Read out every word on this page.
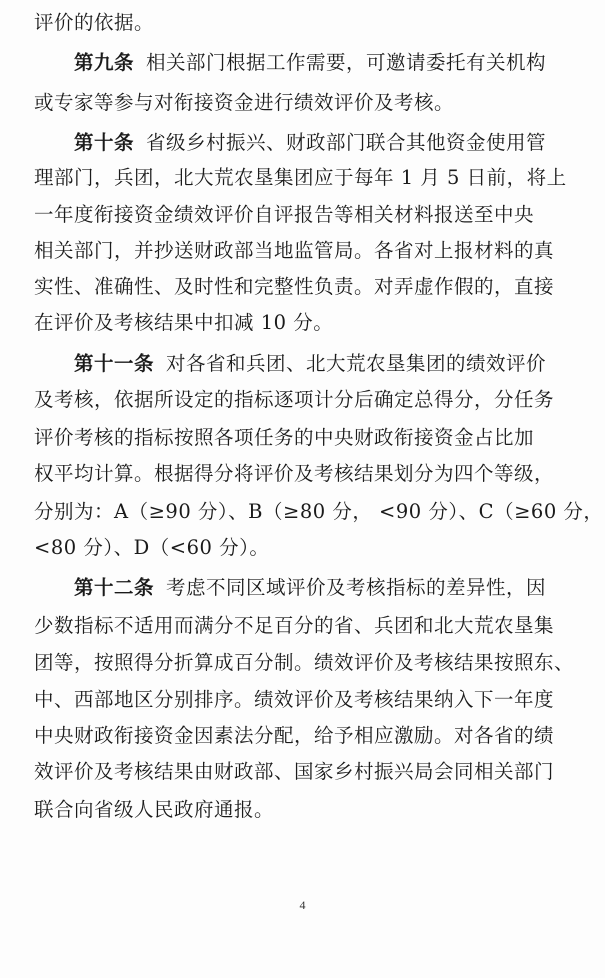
评价的依据。
第九条 相关部门根据工作需要，可邀请委托有关机构
或专家等参与对衔接资金进行绩效评价及考核。
第十条 省级乡村振兴、财政部门联合其他资金使用管
理部门，兵团，北大荒农垦集团应于每年 1 月 5 日前，将上
一年度衔接资金绩效评价自评报告等相关材料报送至中央
相关部门，并抄送财政部当地监管局。各省对上报材料的真
实性、准确性、及时性和完整性负责。对弄虚作假的，直接
在评价及考核结果中扣减 10 分。
第十一条 对各省和兵团、北大荒农垦集团的绩效评价
及考核，依据所设定的指标逐项计分后确定总得分，分任务
评价考核的指标按照各项任务的中央财政衔接资金占比加
权平均计算。根据得分将评价及考核结果划分为四个等级，
分别为：A（≥90 分）、B（≥80 分， <90 分）、C（≥60 分，
<80 分）、D（<60 分）。
第十二条 考虑不同区域评价及考核指标的差异性，因
少数指标不适用而满分不足百分的省、兵团和北大荒农垦集
团等，按照得分折算成百分制。绩效评价及考核结果按照东、
中、西部地区分别排序。绩效评价及考核结果纳入下一年度
中央财政衔接资金因素法分配，给予相应激励。对各省的绩
效评价及考核结果由财政部、国家乡村振兴局会同相关部门
联合向省级人民政府通报。
4
